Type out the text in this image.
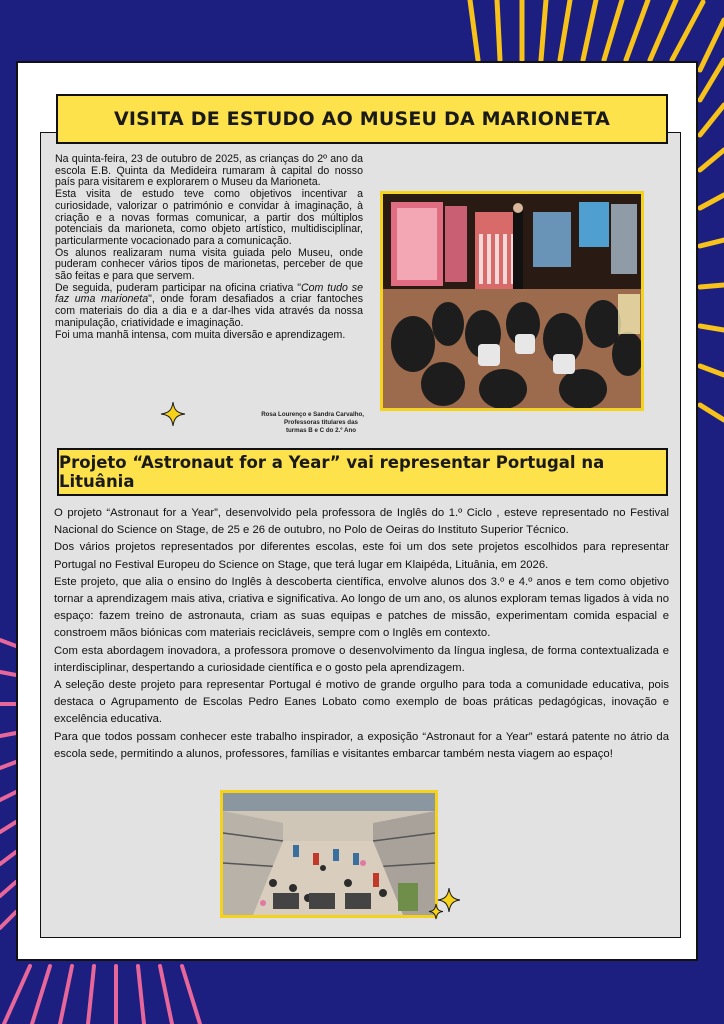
VISITA DE ESTUDO AO MUSEU DA MARIONETA

Na quinta-feira, 23 de outubro de 2025, as crianças do 2º ano da escola E.B. Quinta da Medideira rumaram à capital do nosso país para visitarem e explorarem o Museu da Marioneta.

Esta visita de estudo teve como objetivos incentivar a curiosidade, valorizar o património e convidar à imaginação, à criação e a novas formas comunicar, a partir dos múltiplos potenciais da marioneta, como objeto artístico, multidisciplinar, particularmente vocacionado para a comunicação.

Os alunos realizaram numa visita guiada pelo Museu, onde puderam conhecer vários tipos de marionetas, perceber de que são feitas e para que servem.

De seguida, puderam participar na oficina criativa "Com tudo se faz uma marioneta", onde foram desafiados a criar fantoches com materiais do dia a dia e a dar-lhes vida através da nossa manipulação, criatividade e imaginação.

Foi uma manhã intensa, com muita diversão e aprendizagem.

Rosa Lourenço e Sandra Carvalho,

Professoras titulares das turmas B e C do 2.º Ano
Projeto “Astronaut for a Year” vai representar Portugal na Lituânia

O projeto “Astronaut for a Year”, desenvolvido pela professora de Inglês do 1.º Ciclo , esteve representado no Festival Nacional do Science on Stage, de 25 e 26 de outubro, no Polo de Oeiras do Instituto Superior Técnico.

Dos vários projetos representados por diferentes escolas, este foi um dos sete projetos escolhidos para representar Portugal no Festival Europeu do Science on Stage, que terá lugar em Klaipéda, Lituânia, em 2026.

Este projeto, que alia o ensino do Inglês à descoberta científica, envolve alunos dos 3.º e 4.º anos e tem como objetivo tornar a aprendizagem mais ativa, criativa e significativa. Ao longo de um ano, os alunos exploram temas ligados à vida no espaço: fazem treino de astronauta, criam as suas equipas e patches de missão, experimentam comida espacial e constroem mãos biónicas com materiais recicláveis, sempre com o Inglês em contexto.

Com esta abordagem inovadora, a professora promove o desenvolvimento da língua inglesa, de forma contextualizada e interdisciplinar, despertando a curiosidade científica e o gosto pela aprendizagem.

A seleção deste projeto para representar Portugal é motivo de grande orgulho para toda a comunidade educativa, pois destaca o Agrupamento de Escolas Pedro Eanes Lobato como exemplo de boas práticas pedagógicas, inovação e excelência educativa.

Para que todos possam conhecer este trabalho inspirador, a exposição “Astronaut for a Year” estará patente no átrio da escola sede, permitindo a alunos, professores, famílias e visitantes embarcar também nesta viagem ao espaço!
